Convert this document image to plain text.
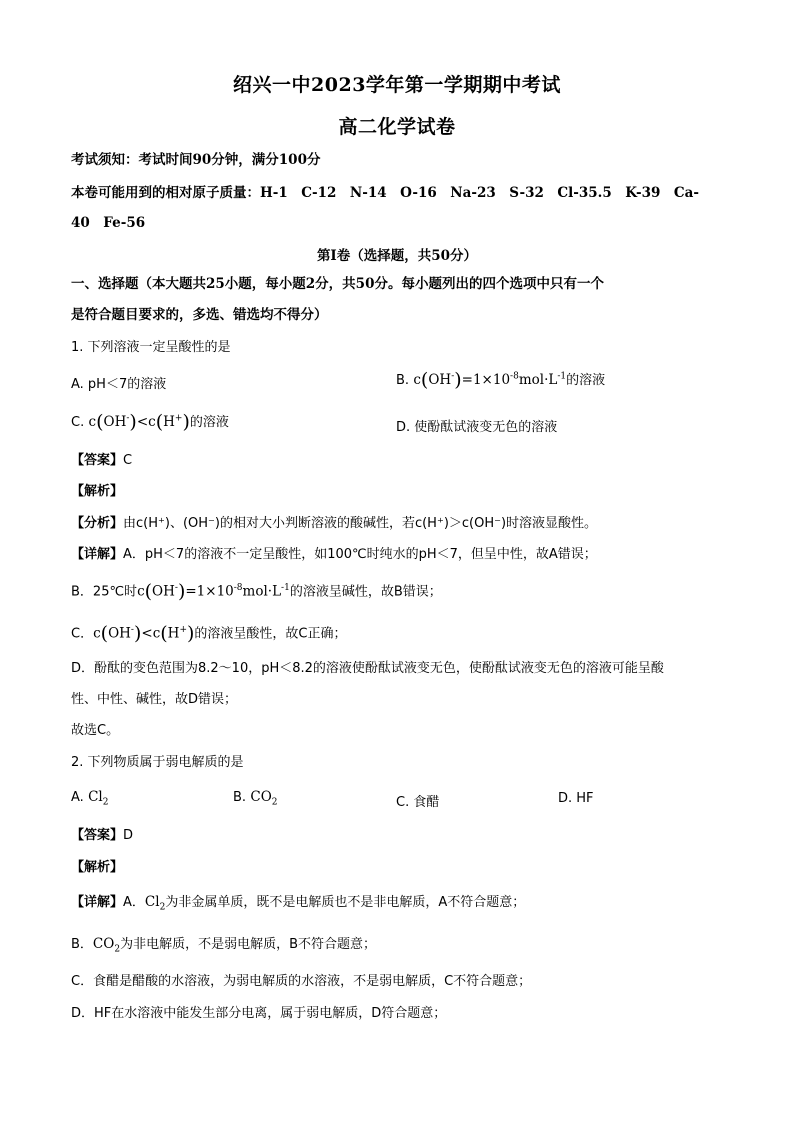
绍兴一中2023学年第一学期期中考试
高二化学试卷
考试须知：考试时间90分钟，满分100分
本卷可能用到的相对原子质量：H-1　C-12　N-14　O-16　Na-23　S-32　Cl-35.5　K-39　Ca-
40　Fe-56
第Ⅰ卷（选择题，共50分）
一、选择题（本大题共25小题，每小题2分，共50分。每小题列出的四个选项中只有一个
是符合题目要求的，多选、错选均不得分）
1. 下列溶液一定呈酸性的是
A. pH＜7的溶液	B. $c(OH^-)=1\times 10^{-8}mol\cdot L^{-1}$的溶液
C. c(OH-)<c(H+)的溶液	D. 使酚酞试液变无色的溶液
【答案】C
【解析】
【分析】由c(H⁺)、(OH⁻)的相对大小判断溶液的酸碱性，若c(H⁺)＞c(OH⁻)时溶液显酸性。
【详解】A．pH＜7的溶液不一定呈酸性，如100℃时纯水的pH＜7，但呈中性，故A错误；
B．25℃时$c(OH^-)=1\times 10^{-8}mol\cdot L^{-1}$的溶液呈碱性，故B错误；
C．c(OH-)<c(H+)的溶液呈酸性，故C正确；
D．酚酞的变色范围为8.2～10，pH＜8.2的溶液使酚酞试液变无色，使酚酞试液变无色的溶液可能呈酸
性、中性、碱性，故D错误；
故选C。
2. 下列物质属于弱电解质的是
A. $Cl_2$	B. $CO_2$	C. 食醋	D. HF
【答案】D
【解析】
【详解】A．$Cl_2$为非金属单质，既不是电解质也不是非电解质，A不符合题意；
B．$CO_2$为非电解质，不是弱电解质，B不符合题意；
C．食醋是醋酸的水溶液，为弱电解质的水溶液，不是弱电解质，C不符合题意；
D．HF在水溶液中能发生部分电离，属于弱电解质，D符合题意；
